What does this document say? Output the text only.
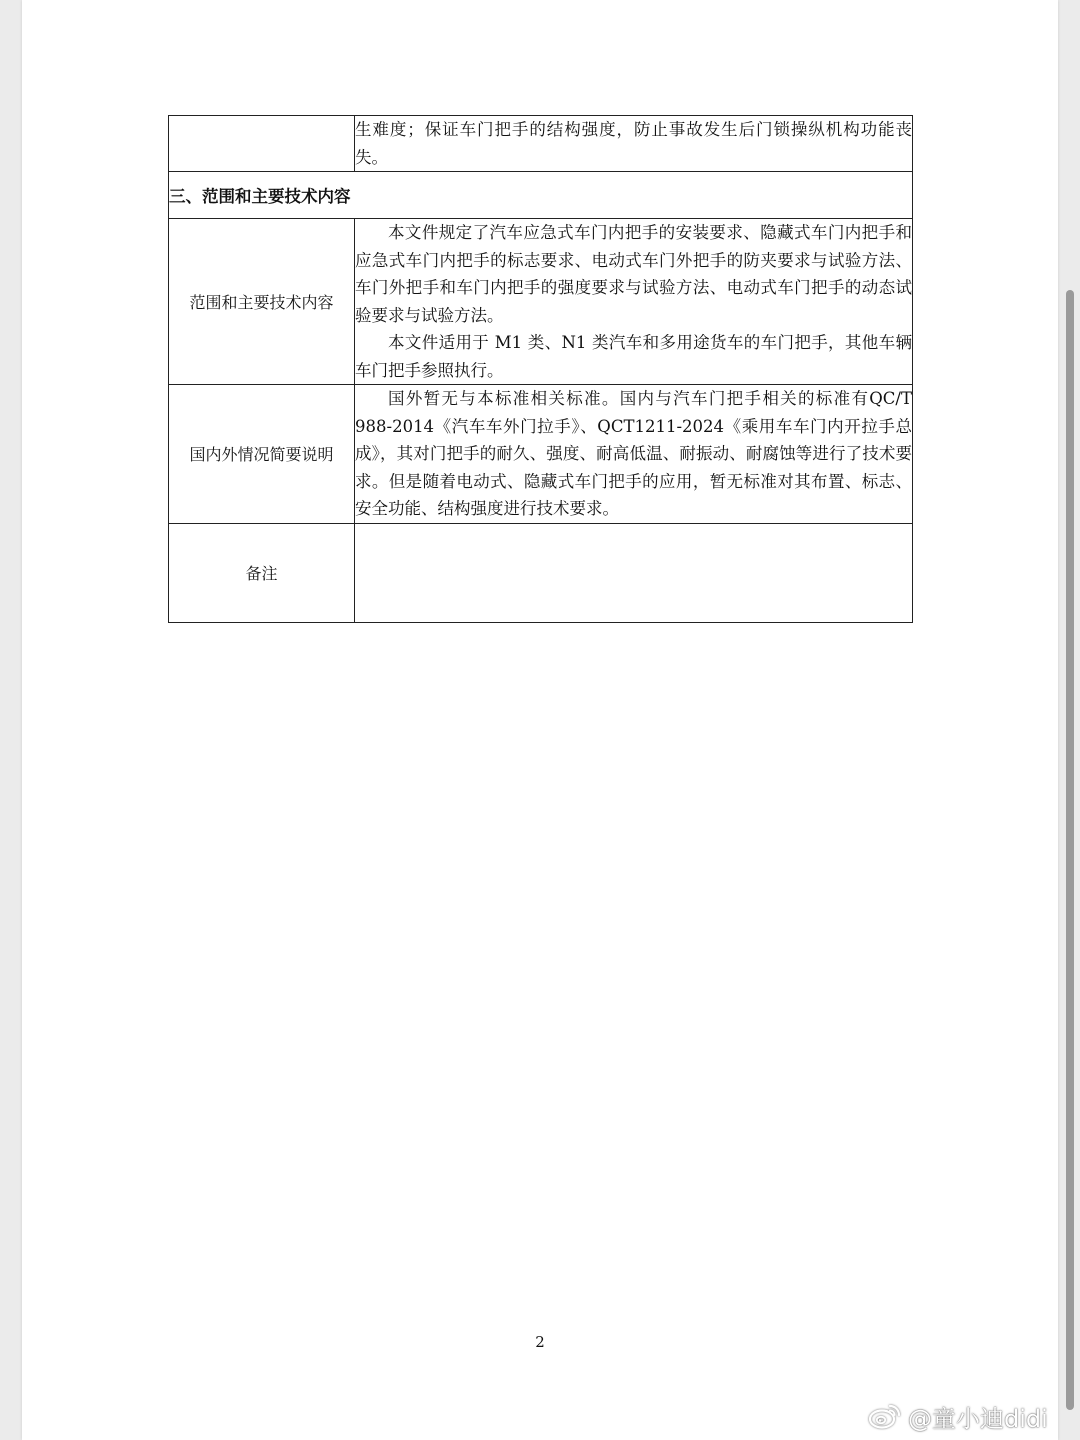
	生难度；保证车门把手的结构强度，防止事故发生后门锁操纵机构功能丧失。

三、范围和主要技术内容	
范围和主要技术内容	本文件规定了汽车应急式车门内把手的安装要求、隐藏式车门内把手和应急式车门内把手的标志要求、电动式车门外把手的防夹要求与试验方法、车门外把手和车门内把手的强度要求与试验方法、电动式车门把手的动态试验要求与试验方法。

本文件适用于 M1 类、N1 类汽车和多用途货车的车门把手，其他车辆车门把手参照执行。

国内外情况简要说明	国外暂无与本标准相关标准。国内与汽车门把手相关的标准有QC/T 988-2014《汽车车外门拉手》、QCT1211-2024《乘用车车门内开拉手总成》，其对门把手的耐久、强度、耐高低温、耐振动、耐腐蚀等进行了技术要求。但是随着电动式、隐藏式车门把手的应用，暂无标准对其布置、标志、安全功能、结构强度进行技术要求。

备注	
2
@童小迪didi
